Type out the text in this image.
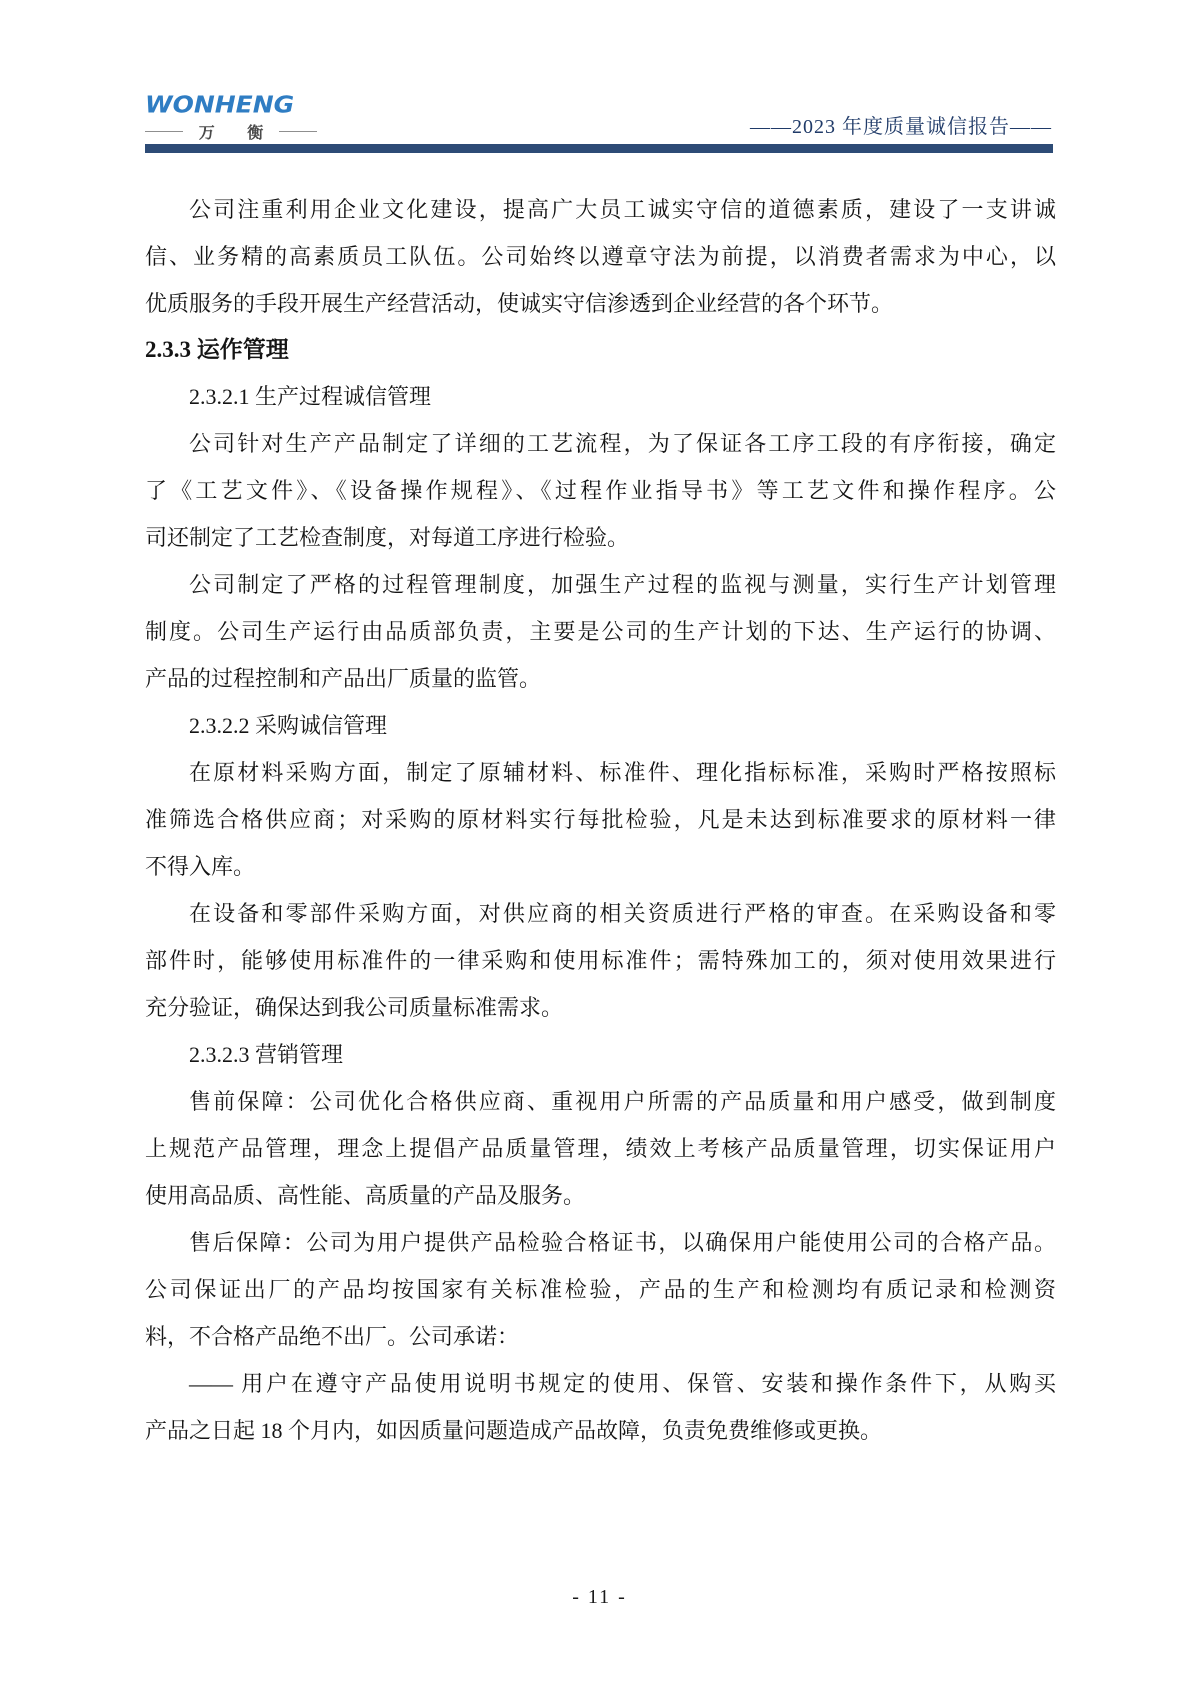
WONHENG
万 衡	——2023 年度质量诚信报告——
公司注重利用企业文化建设，提高广大员工诚实守信的道德素质，建设了一支讲诚
信、业务精的高素质员工队伍。公司始终以遵章守法为前提，以消费者需求为中心，以
优质服务的手段开展生产经营活动，使诚实守信渗透到企业经营的各个环节。
2.3.3 运作管理
2.3.2.1 生产过程诚信管理
公司针对生产产品制定了详细的工艺流程，为了保证各工序工段的有序衔接，确定
了《工艺文件》、《设备操作规程》、《过程作业指导书》等工艺文件和操作程序。公
司还制定了工艺检查制度，对每道工序进行检验。
公司制定了严格的过程管理制度，加强生产过程的监视与测量，实行生产计划管理
制度。公司生产运行由品质部负责，主要是公司的生产计划的下达、生产运行的协调、
产品的过程控制和产品出厂质量的监管。
2.3.2.2 采购诚信管理
在原材料采购方面，制定了原辅材料、标准件、理化指标标准，采购时严格按照标
准筛选合格供应商；对采购的原材料实行每批检验，凡是未达到标准要求的原材料一律
不得入库。
在设备和零部件采购方面，对供应商的相关资质进行严格的审查。在采购设备和零
部件时，能够使用标准件的一律采购和使用标准件；需特殊加工的，须对使用效果进行
充分验证，确保达到我公司质量标准需求。
2.3.2.3 营销管理
售前保障：公司优化合格供应商、重视用户所需的产品质量和用户感受，做到制度
上规范产品管理，理念上提倡产品质量管理，绩效上考核产品质量管理，切实保证用户
使用高品质、高性能、高质量的产品及服务。
售后保障：公司为用户提供产品检验合格证书，以确保用户能使用公司的合格产品。
公司保证出厂的产品均按国家有关标准检验，产品的生产和检测均有质记录和检测资
料，不合格产品绝不出厂。公司承诺：
—— 用户在遵守产品使用说明书规定的使用、保管、安装和操作条件下，从购买
产品之日起 18 个月内，如因质量问题造成产品故障，负责免费维修或更换。
- 11 -
